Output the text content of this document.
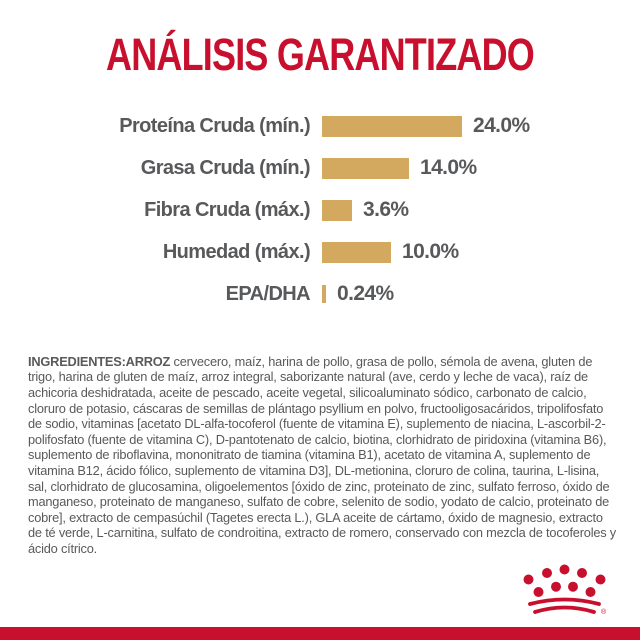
ANÁLISIS GARANTIZADO
Proteína Cruda (mín.)	24.0%
Grasa Cruda (mín.)	14.0%
Fibra Cruda (máx.)	3.6%
Humedad (máx.)	10.0%
EPA/DHA 0.24%

INGREDIENTES:ARROZ cervecero, maíz, harina de pollo, grasa de pollo, sémola de avena, gluten de trigo, harina de gluten de maíz, arroz integral, saborizante natural (ave, cerdo y leche de vaca), raíz de achicoria deshidratada, aceite de pescado, aceite vegetal, silicoaluminato sódico, carbonato de calcio, cloruro de potasio, cáscaras de semillas de plántago psyllium en polvo, fructooligosacáridos, tripolifosfato de sodio, vitaminas [acetato DL-alfa-tocoferol (fuente de vitamina E), suplemento de niacina, L-ascorbil-2-polifosfato (fuente de vitamina C), D-pantotenato de calcio, biotina, clorhidrato de piridoxina (vitamina B6), suplemento de riboflavina, mononitrato de tiamina (vitamina B1), acetato de vitamina A, suplemento de vitamina B12, ácido fólico, suplemento de vitamina D3], DL-metionina, cloruro de colina, taurina, L-lisina, sal, clorhidrato de glucosamina, oligoelementos [óxido de zinc, proteinato de zinc, sulfato ferroso, óxido de manganeso, proteinato de manganeso, sulfato de cobre, selenito de sodio, yodato de calcio, proteinato de cobre], extracto de cempasúchil (Tagetes erecta L.), GLA aceite de cártamo, óxido de magnesio, extracto de té verde, L-carnitina, sulfato de condroitina, extracto de romero, conservado con mezcla de tocoferoles y ácido cítrico.

®
